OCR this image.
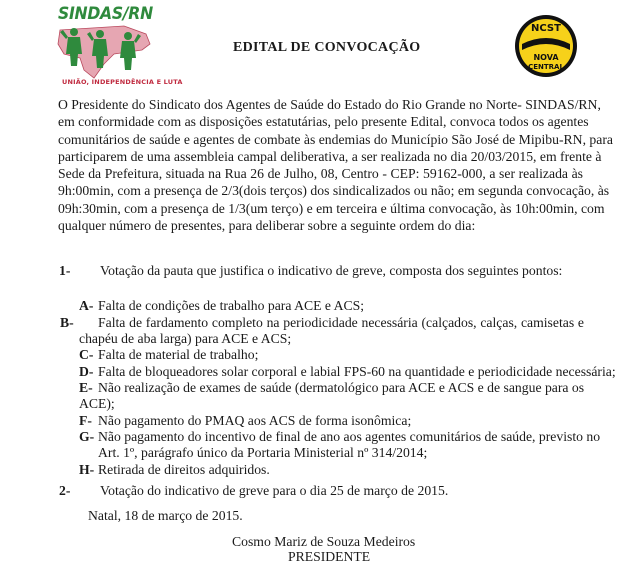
SINDAS/RN
UNIÃO, INDEPENDÊNCIA E LUTA
EDITAL DE CONVOCAÇÃO
NCST
NOVA
CENTRAL
O Presidente do Sindicato dos Agentes de Saúde do Estado do Rio Grande no Norte- SINDAS/RN,
em conformidade com as disposições estatutárias, pelo presente Edital, convoca todos os agentes
comunitários de saúde e agentes de combate às endemias do Município São José de Mipibu-RN, para
participarem de uma assembleia campal deliberativa, a ser realizada no dia 20/03/2015, em frente à
Sede da Prefeitura, situada na Rua 26 de Julho, 08, Centro - CEP: 59162-000, a ser realizada às
9h:00min, com a presença de 2/3(dois terços) dos sindicalizados ou não; em segunda convocação, às
09h:30min, com a presença de 1/3(um terço) e em terceira e última convocação, às 10h:00min, com
qualquer número de presentes, para deliberar sobre a seguinte ordem do dia:
1- Votação da pauta que justifica o indicativo de greve, composta dos seguintes pontos:
A- Falta de condições de trabalho para ACE e ACS;
B- Falta de fardamento completo na periodicidade necessária (calçados, calças, camisetas e
chapéu de aba larga) para ACE e ACS;
C- Falta de material de trabalho;
D- Falta de bloqueadores solar corporal e labial FPS-60 na quantidade e periodicidade necessária;
E- Não realização de exames de saúde (dermatológico para ACE e ACS e de sangue para os
ACE);
F- Não pagamento do PMAQ aos ACS de forma isonômica;
G- Não pagamento do incentivo de final de ano aos agentes comunitários de saúde, previsto no
Art. 1º, parágrafo único da Portaria Ministerial nº 314/2014;
H- Retirada de direitos adquiridos.
2- Votação do indicativo de greve para o dia 25 de março de 2015.
Natal, 18 de março de 2015.
Cosmo Mariz de Souza Medeiros
PRESIDENTE
